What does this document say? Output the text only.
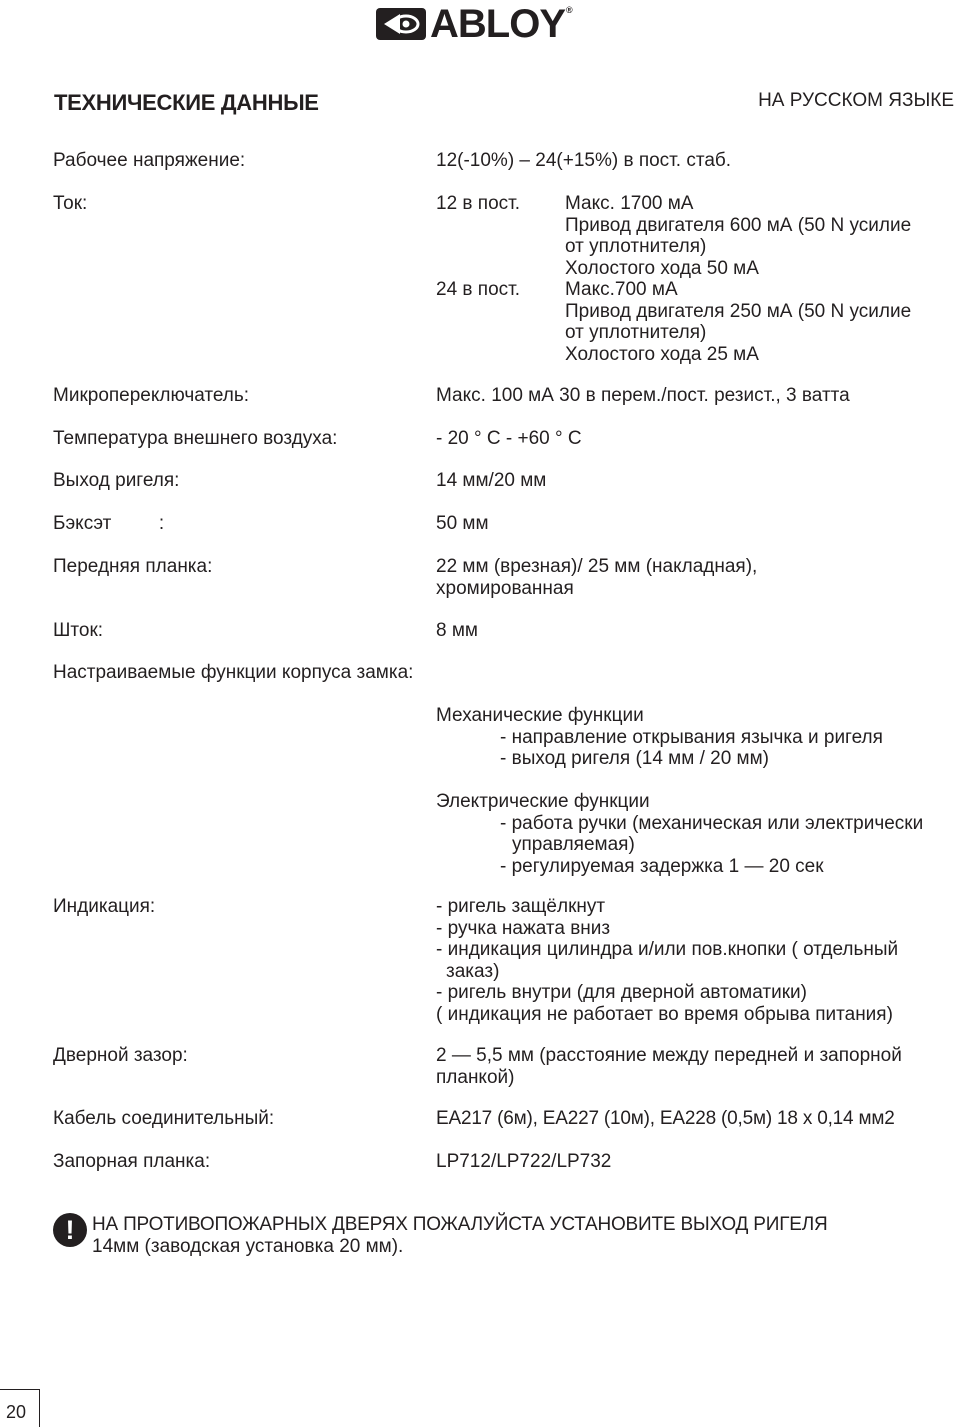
ABLOY®
ТЕХНИЧЕСКИЕ ДАННЫЕ	НА РУССКОМ ЯЗЫКЕ
Рабочее напряжение:	12(-10%) – 24(+15%) в пост. стаб.
Ток:	12 в пост. Макс. 1700 мА
Привод двигателя 600 мА (50 N усилие
от уплотнителя)
Холостого хода 50 мА
24 в пост. Макс.700 мА
Привод двигателя 250 мА (50 N усилие
от уплотнителя)
Холостого хода 25 мА
Микропереключатель:	Макс. 100 мА 30 в перем./пост. резист., 3 ватта
Температура внешнего воздуха:	- 20 ° C - +60 ° C
Выход ригеля:	14 мм/20 мм
Бэксэт         :	50 мм
Передняя планка:	22 мм (врезная)/ 25 мм (накладная),
хромированная
Шток:	8 мм
Настраиваемые функции корпуса замка:
Механические функции
- направление открывания язычка и ригеля
- выход ригеля (14 мм / 20 мм)
Электрические функции
- работа ручки (механическая или электрически
управляемая)
- регулируемая задержка 1 — 20 сек
Индикация:	- ригель защёлкнут
- ручка нажата вниз
- индикация цилиндра и/или пов.кнопки ( отдельный
заказ)
- ригель внутри (для дверной автоматики)
( индикация не работает во время обрыва питания)
Дверной зазор:	2 — 5,5 мм (расстояние между передней и запорной
планкой)
Кабель соединительный:	EA217 (6м), EA227 (10м), EA228 (0,5м) 18 x 0,14 мм2
Запорная планка:	LP712/LP722/LP732
! НА ПРОТИВОПОЖАРНЫХ ДВЕРЯХ ПОЖАЛУЙСТА УСТАНОВИТЕ ВЫХОД РИГЕЛЯ
14мм (заводская установка 20 мм).
20
